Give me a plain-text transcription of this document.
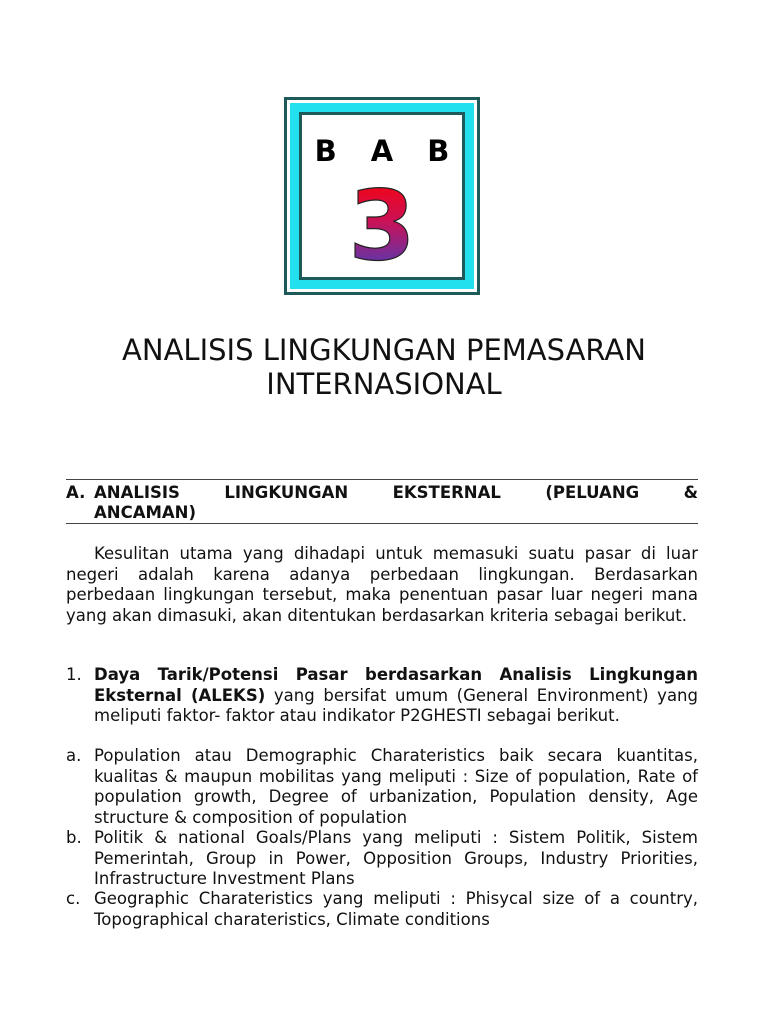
B A B
3
ANALISIS LINGKUNGAN PEMASARAN
INTERNASIONAL
A. ANALISIS LINGKUNGAN EKSTERNAL (PELUANG &
ANCAMAN)
Kesulitan utama yang dihadapi untuk memasuki suatu pasar di luar negeri adalah karena adanya perbedaan lingkungan. Berdasarkan perbedaan lingkungan tersebut, maka penentuan pasar luar negeri mana yang akan dimasuki, akan ditentukan berdasarkan kriteria sebagai berikut.
1. Daya Tarik/Potensi Pasar berdasarkan Analisis Lingkungan Eksternal (ALEKS) yang bersifat umum (General Environment) yang meliputi faktor- faktor atau indikator P2GHESTI sebagai berikut.
a. Population atau Demographic Charateristics baik secara kuantitas, kualitas & maupun mobilitas yang meliputi : Size of population, Rate of population growth, Degree of urbanization, Population density, Age structure & composition of population
b. Politik & national Goals/Plans yang meliputi : Sistem Politik, Sistem Pemerintah, Group in Power, Opposition Groups, Industry Priorities, Infrastructure Investment Plans
c. Geographic Charateristics yang meliputi : Phisycal size of a country, Topographical charateristics, Climate conditions
